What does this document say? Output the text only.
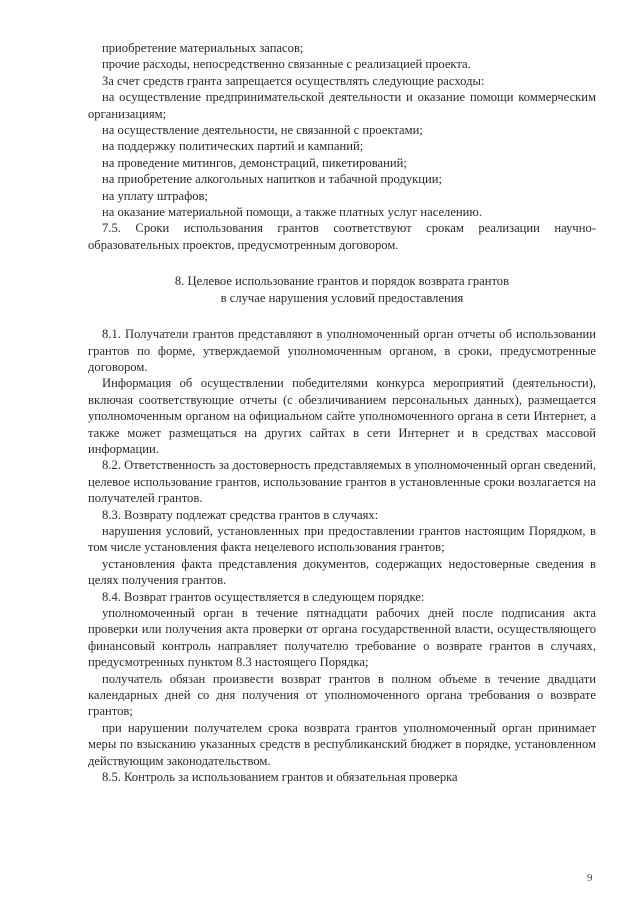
приобретение материальных запасов;

прочие расходы, непосредственно связанные с реализацией проекта.

За счет средств гранта запрещается осуществлять следующие расходы:

на осуществление предпринимательской деятельности и оказание помощи коммерческим организациям;

на осуществление деятельности, не связанной с проектами;

на поддержку политических партий и кампаний;

на проведение митингов, демонстраций, пикетирований;

на приобретение алкогольных напитков и табачной продукции;

на уплату штрафов;

на оказание материальной помощи, а также платных услуг населению.

7.5. Сроки использования грантов соответствуют срокам реализации научно-образовательных проектов, предусмотренным договором.

8. Целевое использование грантов и порядок возврата грантов
в случае нарушения условий предоставления

8.1. Получатели грантов представляют в уполномоченный орган отчеты об использовании грантов по форме, утверждаемой уполномоченным органом, в сроки, предусмотренные договором.

Информация об осуществлении победителями конкурса мероприятий (деятельности), включая соответствующие отчеты (с обезличиванием персональных данных), размещается уполномоченным органом на официальном сайте уполномоченного органа в сети Интернет, а также может размещаться на других сайтах в сети Интернет и в средствах массовой информации.

8.2. Ответственность за достоверность представляемых в уполномоченный орган сведений, целевое использование грантов, использование грантов в установленные сроки возлагается на получателей грантов.

8.3. Возврату подлежат средства грантов в случаях:

нарушения условий, установленных при предоставлении грантов настоящим Порядком, в том числе установления факта нецелевого использования грантов;

установления факта представления документов, содержащих недостоверные сведения в целях получения грантов.

8.4. Возврат грантов осуществляется в следующем порядке:

уполномоченный орган в течение пятнадцати рабочих дней после подписания акта проверки или получения акта проверки от органа государственной власти, осуществляющего финансовый контроль направляет получателю требование о возврате грантов в случаях, предусмотренных пунктом 8.3 настоящего Порядка;

получатель обязан произвести возврат грантов в полном объеме в течение двадцати календарных дней со дня получения от уполномоченного органа требования о возврате грантов;

при нарушении получателем срока возврата грантов уполномоченный орган принимает меры по взысканию указанных средств в республиканский бюджет в порядке, установленном действующим законодательством.

8.5. Контроль за использованием грантов и обязательная проверка

9
